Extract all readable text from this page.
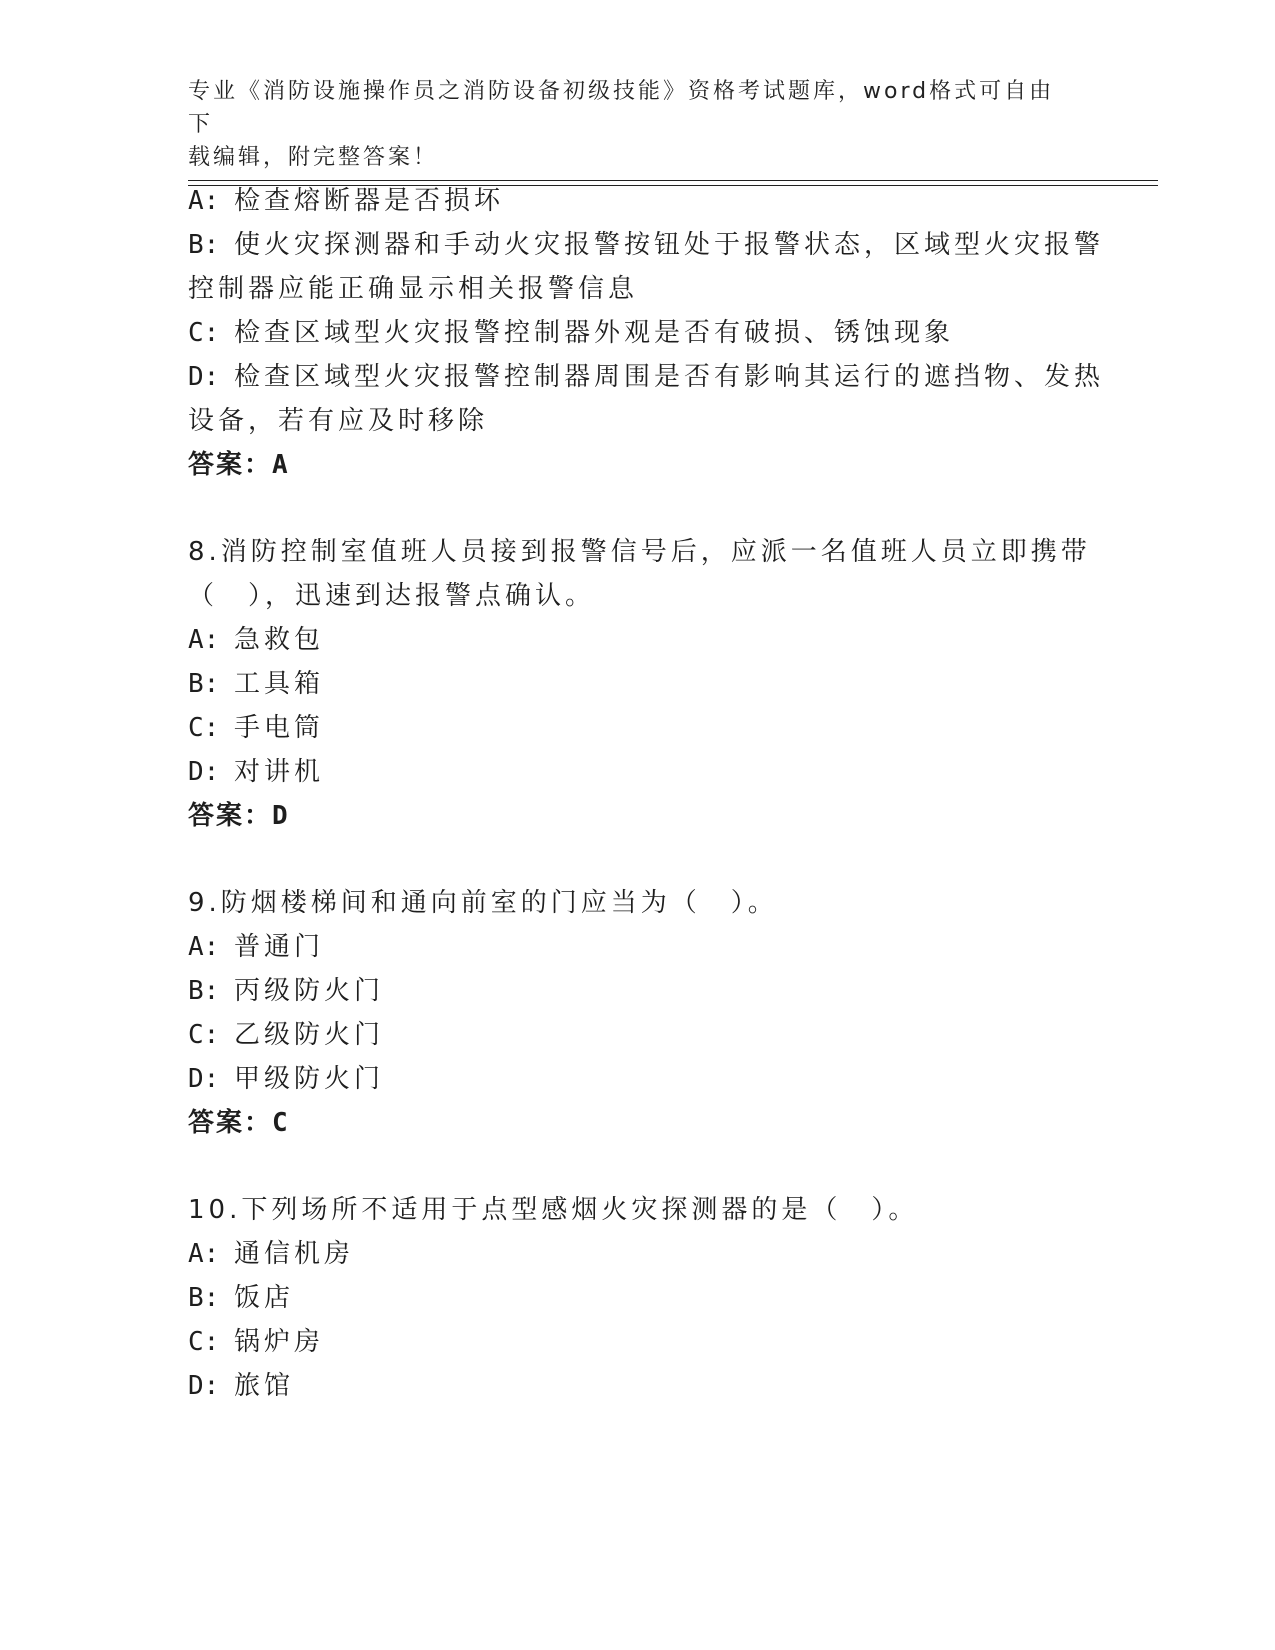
专业《消防设施操作员之消防设备初级技能》资格考试题库，word格式可自由下
载编辑，附完整答案！
A: 检查熔断器是否损坏
B: 使火灾探测器和手动火灾报警按钮处于报警状态，区域型火灾报警
控制器应能正确显示相关报警信息
C: 检查区域型火灾报警控制器外观是否有破损、锈蚀现象
D: 检查区域型火灾报警控制器周围是否有影响其运行的遮挡物、发热
设备，若有应及时移除
答案：A
8.消防控制室值班人员接到报警信号后，应派一名值班人员立即携带
（　），迅速到达报警点确认。
A: 急救包
B: 工具箱
C: 手电筒
D: 对讲机
答案：D
9.防烟楼梯间和通向前室的门应当为（　）。
A: 普通门
B: 丙级防火门
C: 乙级防火门
D: 甲级防火门
答案：C
10.下列场所不适用于点型感烟火灾探测器的是（　）。
A: 通信机房
B: 饭店
C: 锅炉房
D: 旅馆
